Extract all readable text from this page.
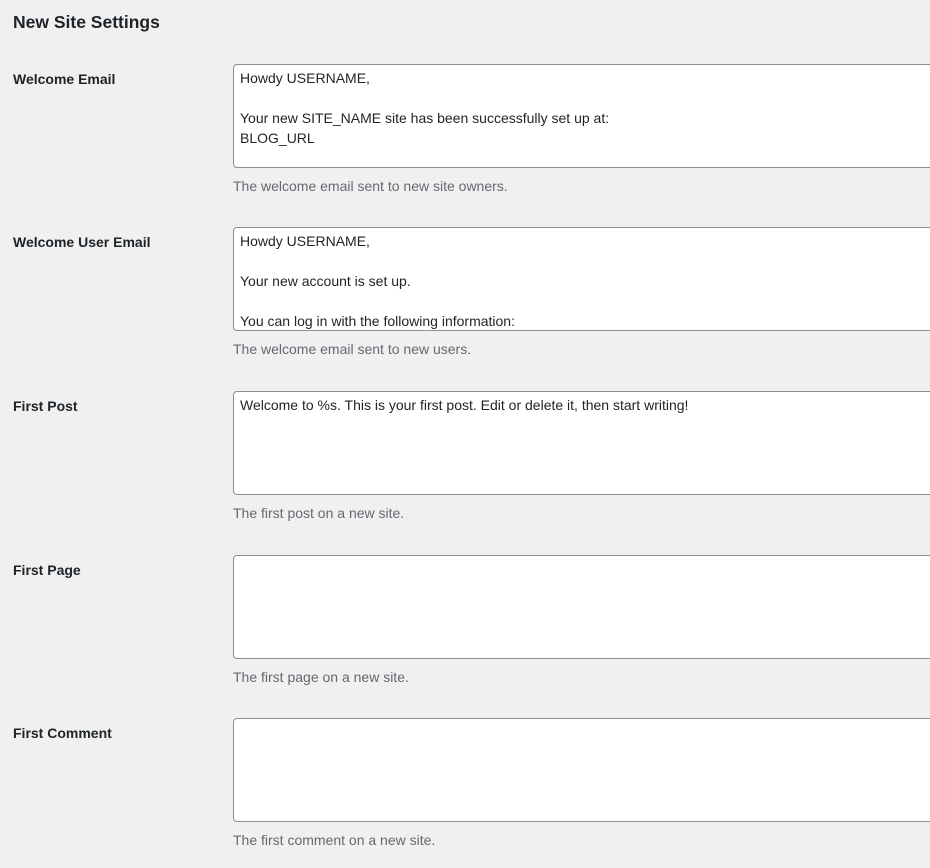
New Site Settings
Welcome Email
Howdy USERNAME, Your new SITE_NAME site has been successfully set up at: BLOG_URL

The welcome email sent to new site owners.

Welcome User Email
Howdy USERNAME, Your new account is set up. You can log in with the following information:

The welcome email sent to new users.

First Post
Welcome to %s. This is your first post. Edit or delete it, then start writing!

The first post on a new site.

First Page

The first page on a new site.

First Comment

The first comment on a new site.
